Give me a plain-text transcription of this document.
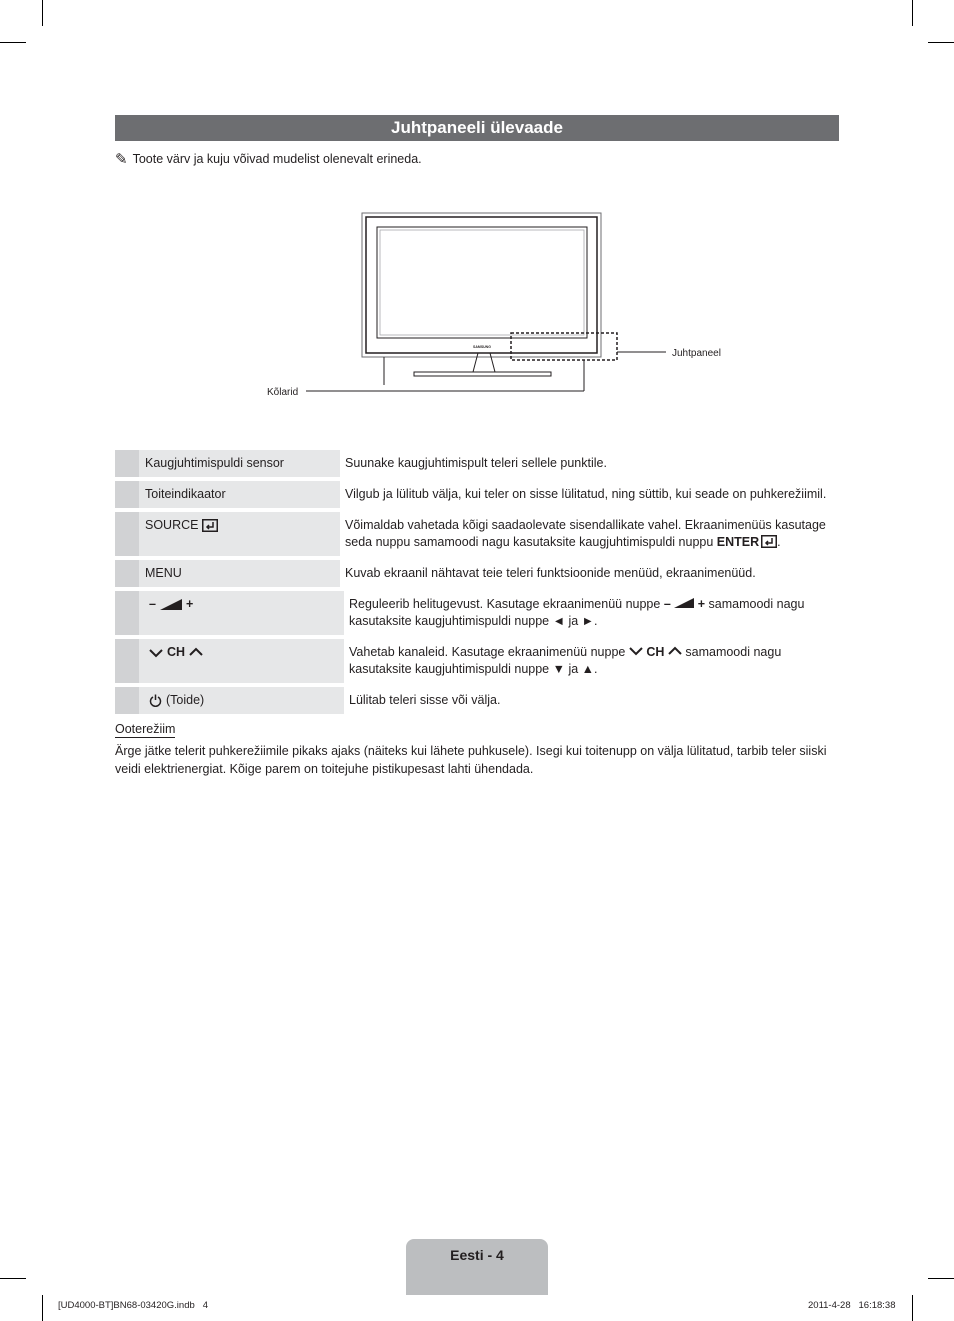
Juhtpaneeli ülevaade
✎ Toote värv ja kuju võivad mudelist olenevalt erineda.
SAMSUNG
Juhtpaneel
Kõlarid
Kaugjuhtimispuldi sensor	Suunake kaugjuhtimispult teleri sellele punktile.
Toiteindikaator	Vilgub ja lülitub välja, kui teler on sisse lülitatud, ning süttib, kui seade on puhkerežiimil.
SOURCE	Võimaldab vahetada kõigi saadaolevate sisendallikate vahel. Ekraanimenüüs kasutage seda nuppu samamoodi nagu kasutaksite kaugjuhtimispuldi nuppu ENTER .
MENU	Kuvab ekraanil nähtavat teie teleri funktsioonide menüüd, ekraanimenüüd.
– +	Reguleerib helitugevust. Kasutage ekraanimenüü nuppe – + samamoodi nagu kasutaksite kaugjuhtimispuldi nuppe ◄ ja ►.
CH	Vahetab kanaleid. Kasutage ekraanimenüü nuppe CH samamoodi nagu kasutaksite kaugjuhtimispuldi nuppe ▼ ja ▲.
(Toide)	Lülitab teleri sisse või välja.
Ooterežiim
Ärge jätke telerit puhkerežiimile pikaks ajaks (näiteks kui lähete puhkusele). Isegi kui toitenupp on välja lülitatud, tarbib teler siiski veidi elektrienergiat. Kõige parem on toitejuhe pistikupesast lahti ühendada.
Eesti - 4
[UD4000-BT]BN68-03420G.indb   4	2011-4-28   16:18:38
